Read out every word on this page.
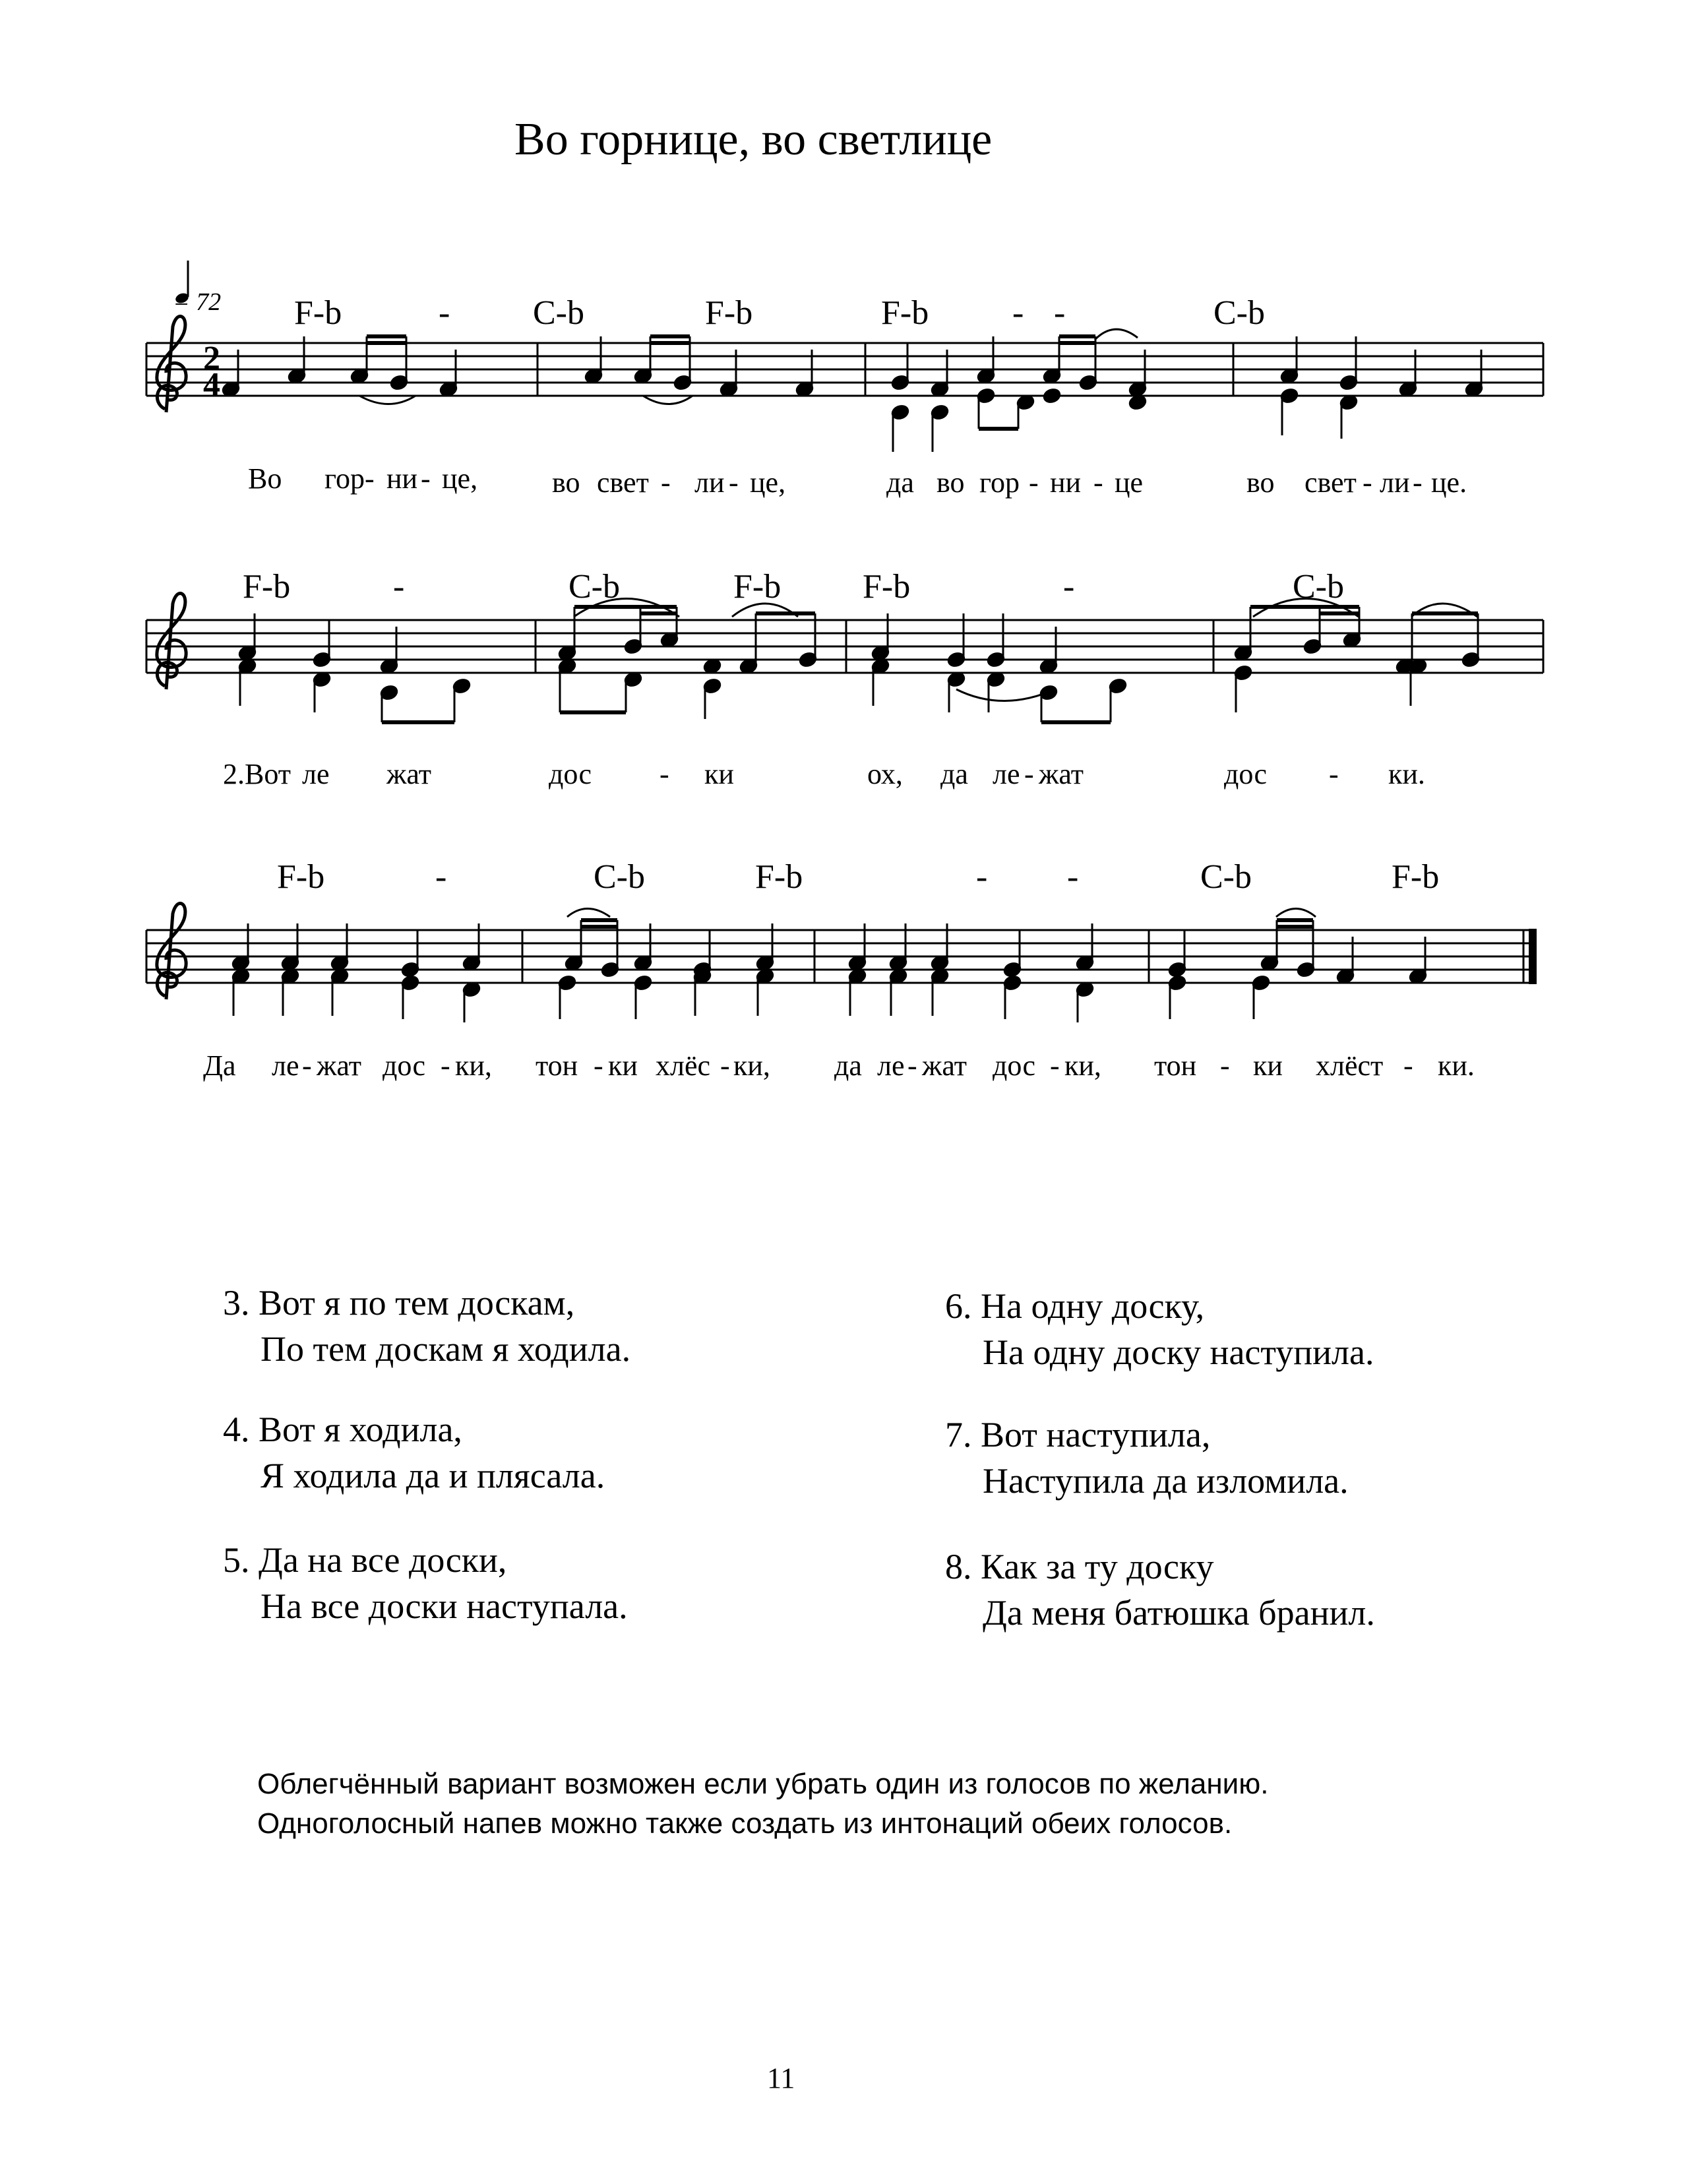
Во горнице, во светлице
2
4
= 72 F-b	- C-b	F-b	F-b - -	C-b
Во гор- ни - це,	во свет - ли - це,	да во гор - ни - це	во свет - ли - це.
F-b	-	C-b	F-b F-b	-	C-b
2.Вот ле жат	дос - ки	ох, да ле - жат	дос - ки.
F-b	-	C-b	F-b	- -	C-b	F-b
Да ле - жат дос - ки, тон - ки хлёс - ки, да ле - жат дос - ки, тон - ки хлёст - ки.
3. Вот я по тем доскам,
По тем доскам я ходила.
4. Вот я ходила,
Я ходила да и плясала.
5. Да на все доски,
На все доски наступала.
6. На одну доску,
На одну доску наступила.
7. Вот наступила,
Наступила да изломила.
8. Как за ту доску
Да меня батюшка бранил.
Облегчённый вариант возможен если убрать один из голосов по желанию.
Одноголосный напев можно также создать из интонаций обеих голосов.
11
